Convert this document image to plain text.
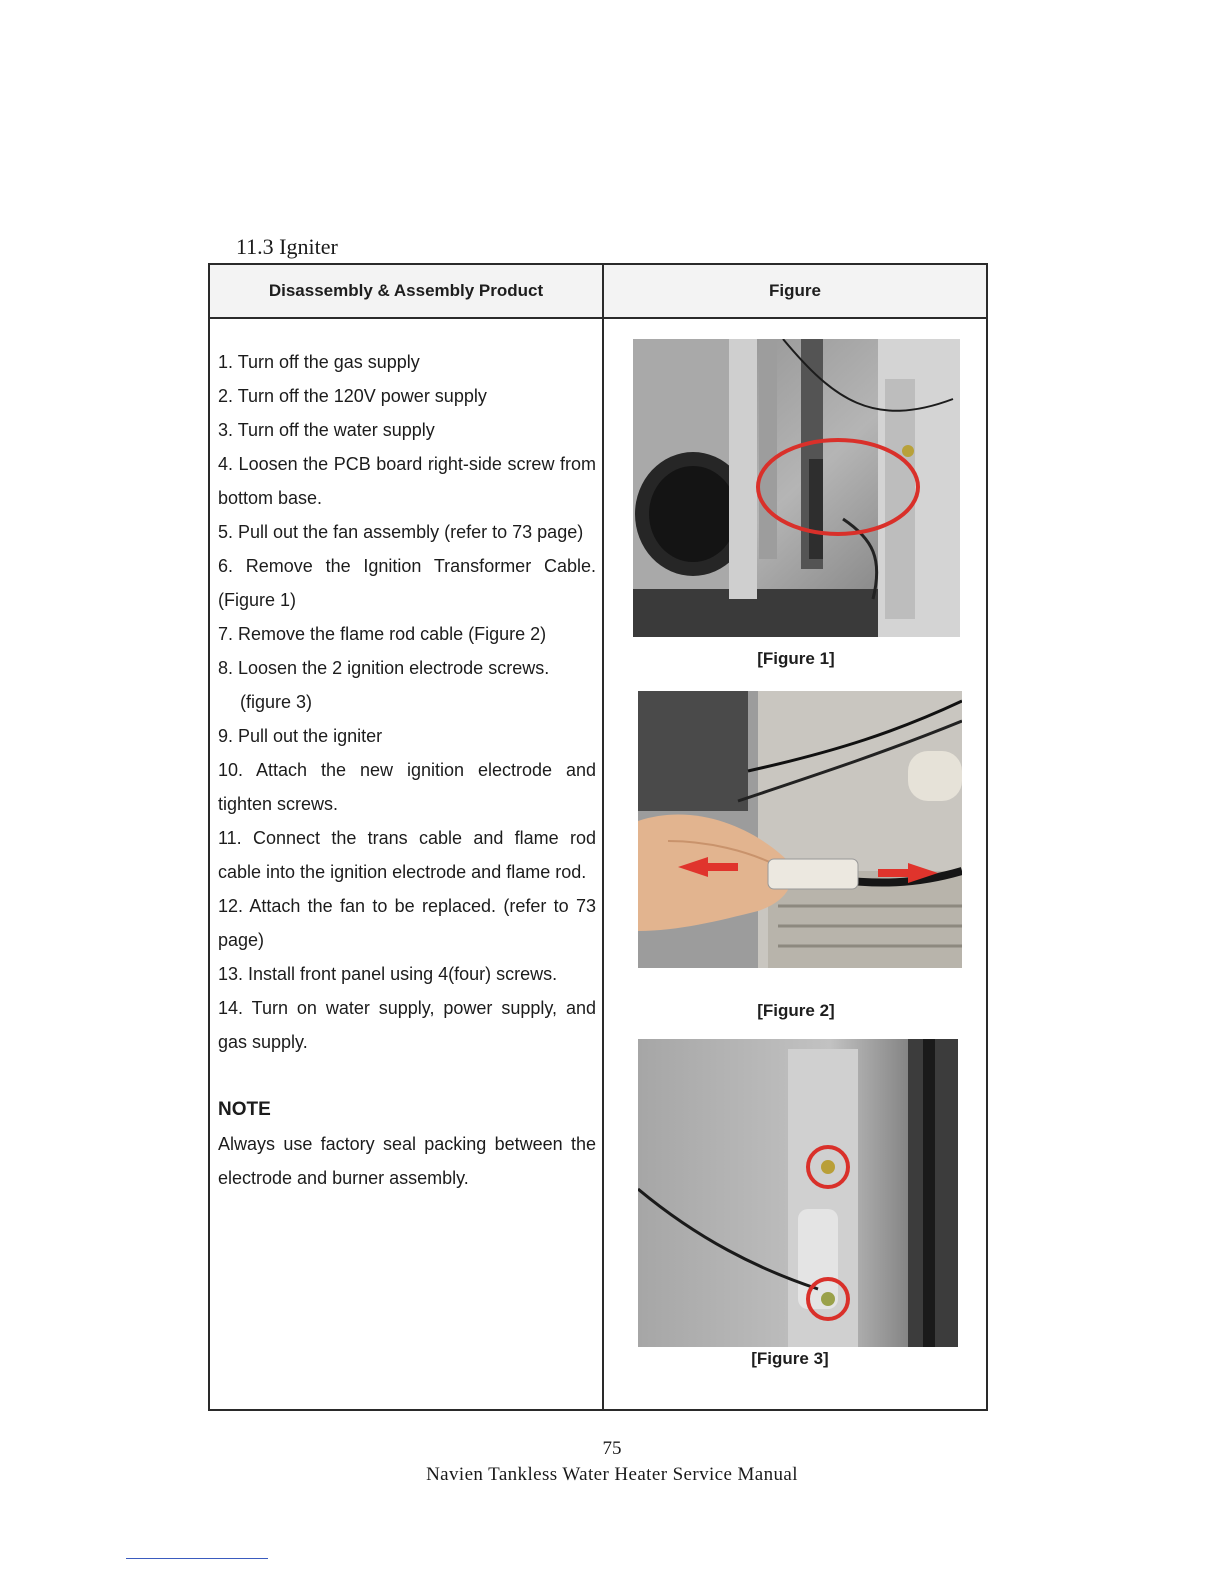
11.3 Igniter
Disassembly & Assembly Product	Figure

1. Turn off the gas supply

2. Turn off the 120V power supply

3. Turn off the water supply

4. Loosen the PCB board right-side screw from bottom base.

5. Pull out the fan assembly (refer to 73 page)

6. Remove the Ignition Transformer Cable. (Figure 1)

7. Remove the flame rod cable (Figure 2)

8. Loosen the 2 ignition electrode screws.

(figure 3)

9. Pull out the igniter

10. Attach the new ignition electrode and tighten screws.

11. Connect the trans cable and flame rod cable into the ignition electrode and flame rod.

12. Attach the fan to be replaced. (refer to 73 page)

13. Install front panel using 4(four) screws.

14. Turn on water supply, power supply, and gas supply.

NOTE

Always use factory seal packing between the electrode and burner assembly.

[Figure 1]
[Figure 2]
[Figure 3]
75
Navien Tankless Water Heater Service Manual
